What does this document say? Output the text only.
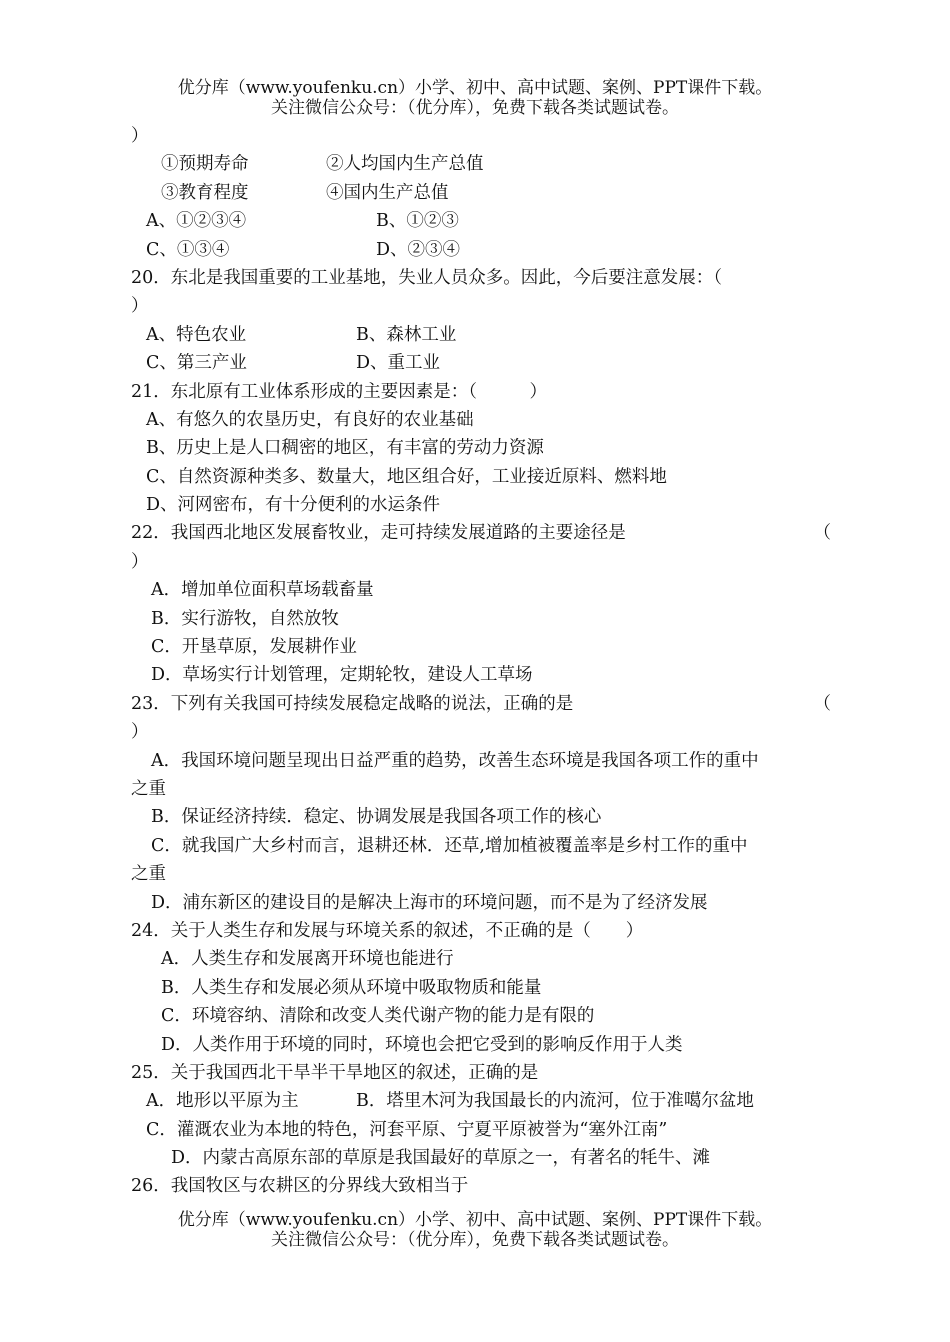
优分库（www.youfenku.cn）小学、初中、高中试题、案例、PPT课件下载。
关注微信公众号：（优分库），免费下载各类试题试卷。
）
①预期寿命	②人均国内生产总值
③教育程度	④国内生产总值
A、①②③④	B、①②③
C、①③④	D、②③④
20．东北是我国重要的工业基地，失业人员众多。因此，今后要注意发展：（
）
A、特色农业	B、森林工业
C、第三产业	D、重工业
21．东北原有工业体系形成的主要因素是：（　　　）
A、有悠久的农垦历史，有良好的农业基础
B、历史上是人口稠密的地区，有丰富的劳动力资源
C、自然资源种类多、数量大，地区组合好，工业接近原料、燃料地
D、河网密布，有十分便利的水运条件
22．我国西北地区发展畜牧业，走可持续发展道路的主要途径是	（
）
A．增加单位面积草场载畜量
B．实行游牧，自然放牧
C．开垦草原，发展耕作业
D．草场实行计划管理，定期轮牧，建设人工草场
23．下列有关我国可持续发展稳定战略的说法，正确的是	（
）
A．我国环境问题呈现出日益严重的趋势，改善生态环境是我国各项工作的重中
之重
B．保证经济持续．稳定、协调发展是我国各项工作的核心
C．就我国广大乡村而言，退耕还林．还草,增加植被覆盖率是乡村工作的重中
之重
D．浦东新区的建设目的是解决上海市的环境问题，而不是为了经济发展
24．关于人类生存和发展与环境关系的叙述，不正确的是（　　）
A．人类生存和发展离开环境也能进行
B．人类生存和发展必须从环境中吸取物质和能量
C．环境容纳、清除和改变人类代谢产物的能力是有限的
D．人类作用于环境的同时，环境也会把它受到的影响反作用于人类
25．关于我国西北干旱半干旱地区的叙述，正确的是
A．地形以平原为主	B．塔里木河为我国最长的内流河，位于准噶尔盆地
C．灌溉农业为本地的特色，河套平原、宁夏平原被誉为“塞外江南”
D．内蒙古高原东部的草原是我国最好的草原之一，有著名的牦牛、滩
26．我国牧区与农耕区的分界线大致相当于
优分库（www.youfenku.cn）小学、初中、高中试题、案例、PPT课件下载。
关注微信公众号：（优分库），免费下载各类试题试卷。
